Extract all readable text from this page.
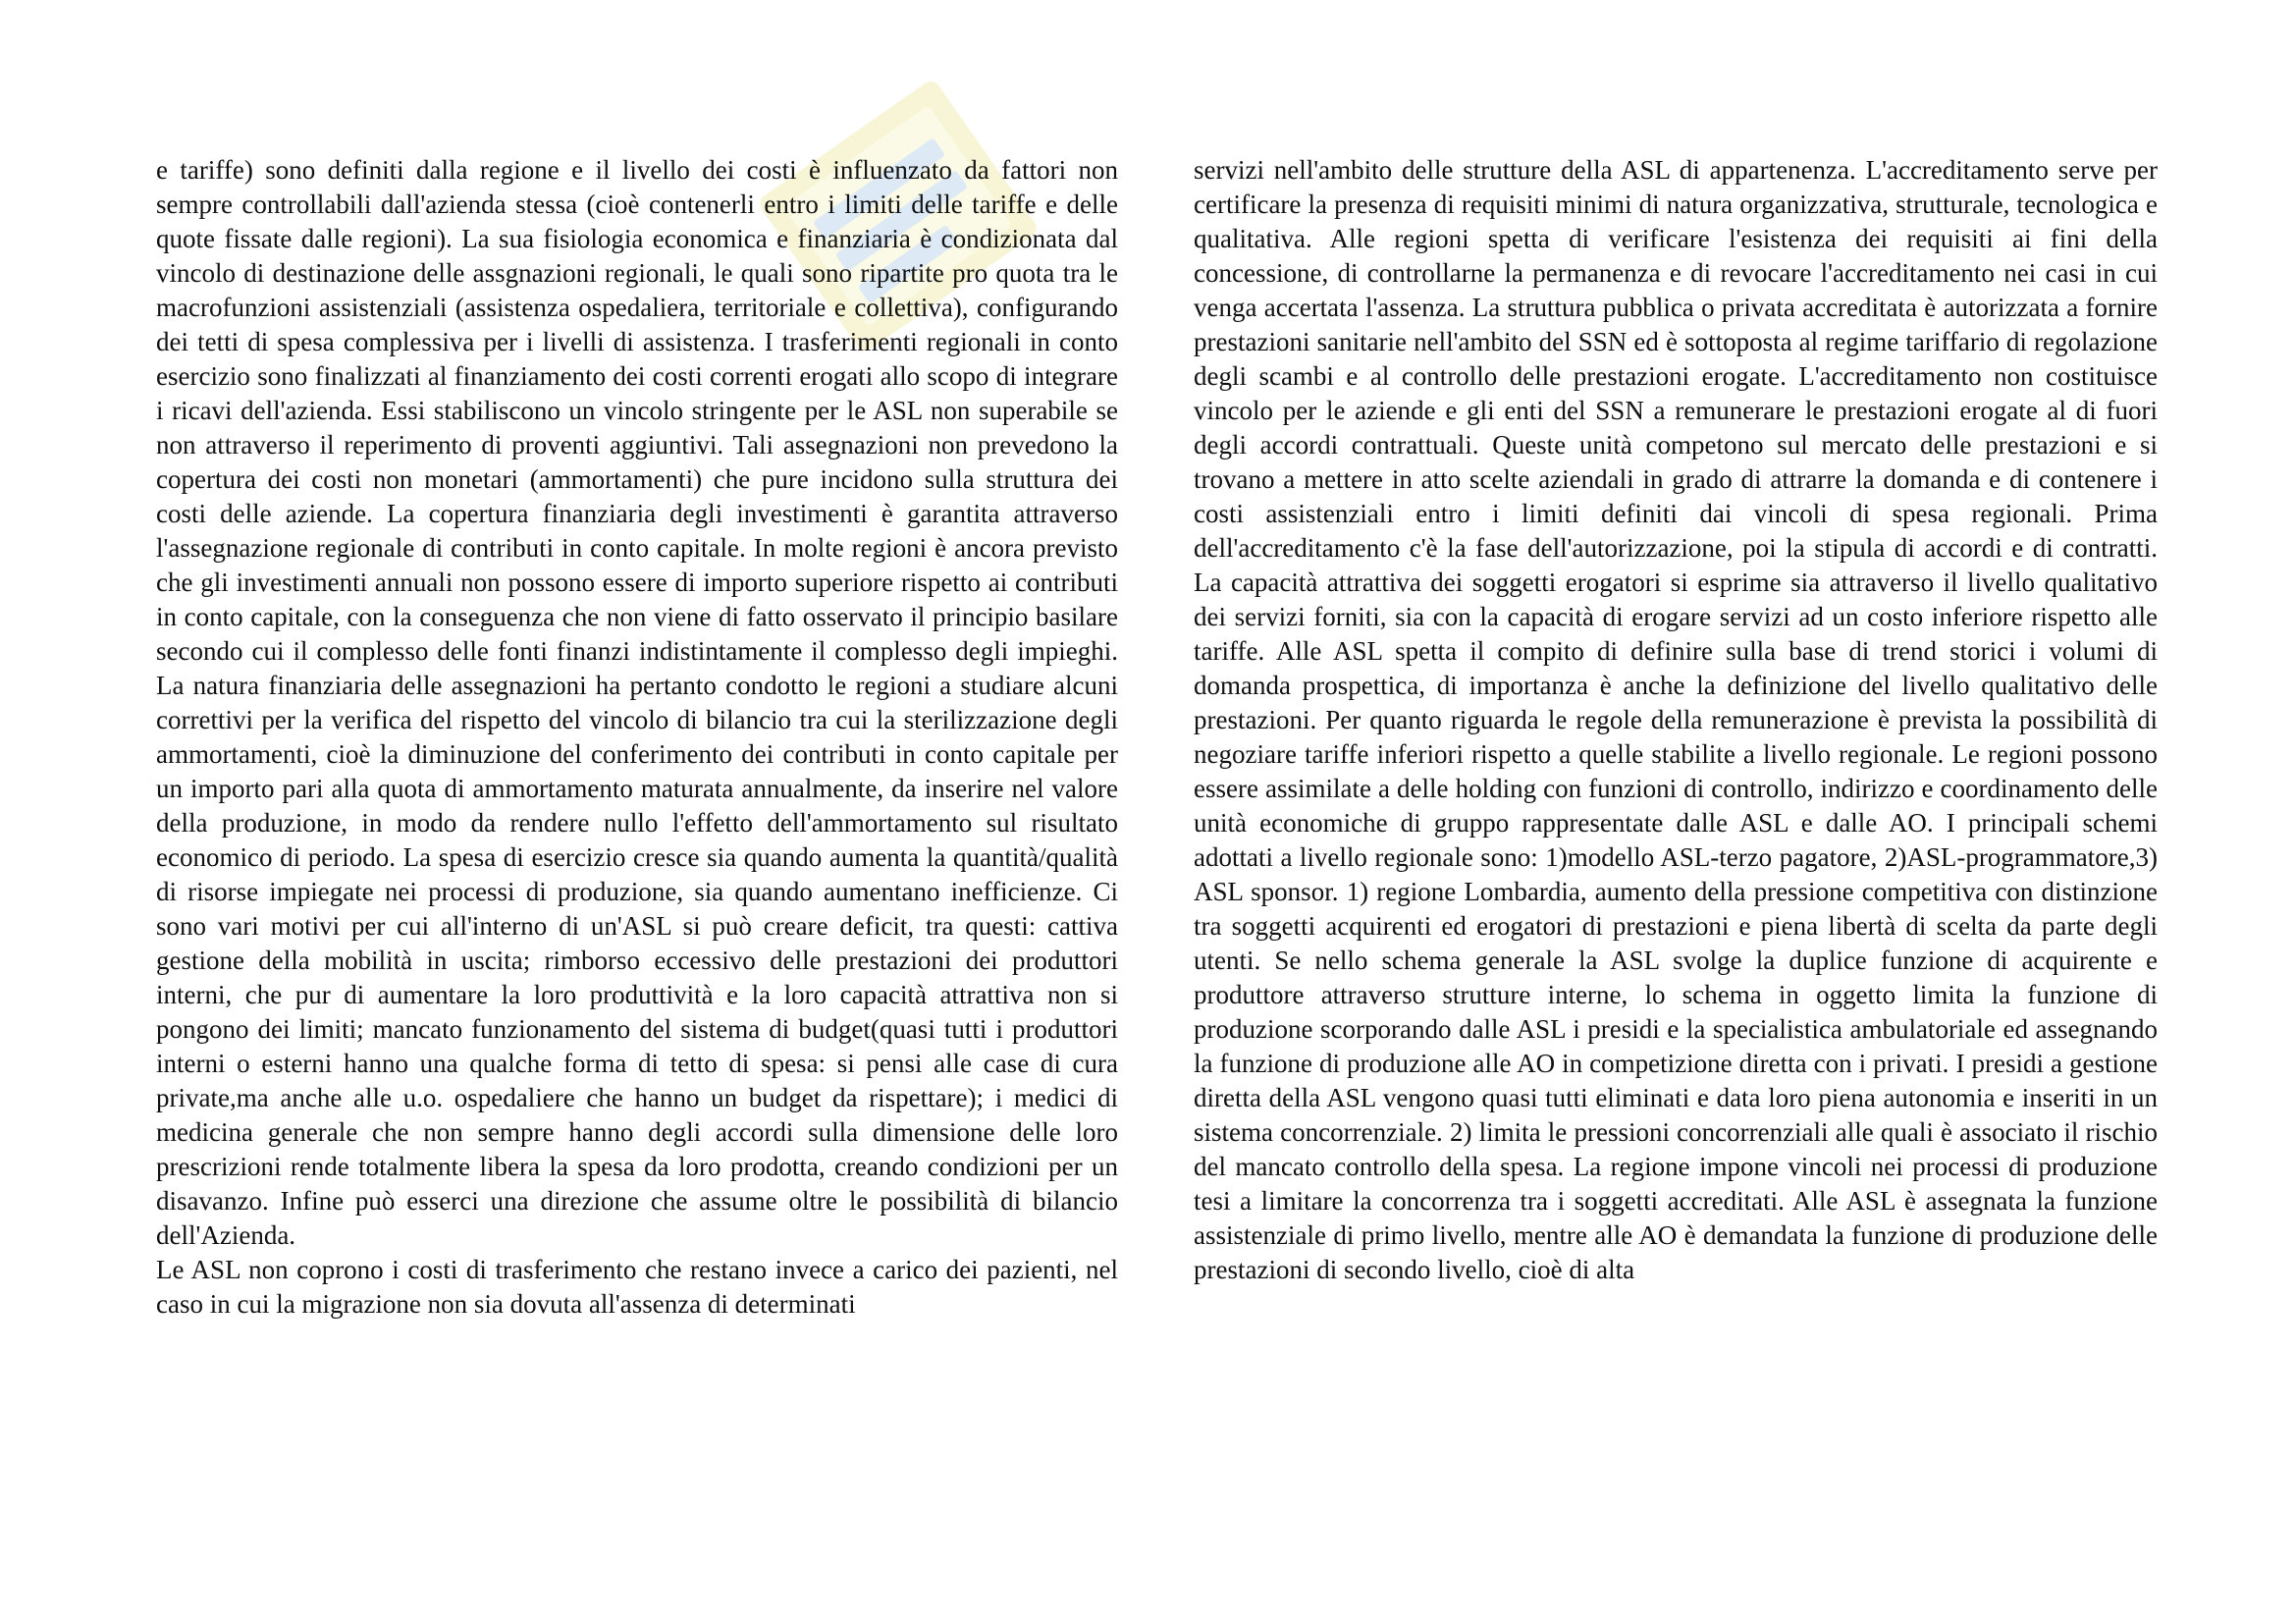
e tariffe) sono definiti dalla regione e il livello dei costi è influenzato da fattori non sempre controllabili dall'azienda stessa (cioè contenerli entro i limiti delle tariffe e delle quote fissate dalle regioni). La sua fisiologia economica e finanziaria è condizionata dal vincolo di destinazione delle assgnazioni regionali, le quali sono ripartite pro quota tra le macrofunzioni assistenziali (assistenza ospedaliera, territoriale e collettiva), configurando dei tetti di spesa complessiva per i livelli di assistenza. I trasferimenti regionali in conto esercizio sono finalizzati al finanziamento dei costi correnti erogati allo scopo di integrare i ricavi dell'azienda. Essi stabiliscono un vincolo stringente per le ASL non superabile se non attraverso il reperimento di proventi aggiuntivi. Tali assegnazioni non prevedono la copertura dei costi non monetari (ammortamenti) che pure incidono sulla struttura dei costi delle aziende. La copertura finanziaria degli investimenti è garantita attraverso l'assegnazione regionale di contributi in conto capitale. In molte regioni è ancora previsto che gli investimenti annuali non possono essere di importo superiore rispetto ai contributi in conto capitale, con la conseguenza che non viene di fatto osservato il principio basilare secondo cui il complesso delle fonti finanzi indistintamente il complesso degli impieghi. La natura finanziaria delle assegnazioni ha pertanto condotto le regioni a studiare alcuni correttivi per la verifica del rispetto del vincolo di bilancio tra cui la sterilizzazione degli ammortamenti, cioè la diminuzione del conferimento dei contributi in conto capitale per un importo pari alla quota di ammortamento maturata annualmente, da inserire nel valore della produzione, in modo da rendere nullo l'effetto dell'ammortamento sul risultato economico di periodo. La spesa di esercizio cresce sia quando aumenta la quantità/qualità di risorse impiegate nei processi di produzione, sia quando aumentano inefficienze. Ci sono vari motivi per cui all'interno di un'ASL si può creare deficit, tra questi: cattiva gestione della mobilità in uscita; rimborso eccessivo delle prestazioni dei produttori interni, che pur di aumentare la loro produttività e la loro capacità attrattiva non si pongono dei limiti; mancato funzionamento del sistema di budget(quasi tutti i produttori interni o esterni hanno una qualche forma di tetto di spesa: si pensi alle case di cura private,ma anche alle u.o. ospedaliere che hanno un budget da rispettare); i medici di medicina generale che non sempre hanno degli accordi sulla dimensione delle loro prescrizioni rende totalmente libera la spesa da loro prodotta, creando condizioni per un disavanzo. Infine può esserci una direzione che assume oltre le possibilità di bilancio dell'Azienda.

Le ASL non coprono i costi di trasferimento che restano invece a carico dei pazienti, nel caso in cui la migrazione non sia dovuta all'assenza di determinati

servizi nell'ambito delle strutture della ASL di appartenenza. L'accreditamento serve per certificare la presenza di requisiti minimi di natura organizzativa, strutturale, tecnologica e qualitativa. Alle regioni spetta di verificare l'esistenza dei requisiti ai fini della concessione, di controllarne la permanenza e di revocare l'accreditamento nei casi in cui venga accertata l'assenza. La struttura pubblica o privata accreditata è autorizzata a fornire prestazioni sanitarie nell'ambito del SSN ed è sottoposta al regime tariffario di regolazione degli scambi e al controllo delle prestazioni erogate. L'accreditamento non costituisce vincolo per le aziende e gli enti del SSN a remunerare le prestazioni erogate al di fuori degli accordi contrattuali. Queste unità competono sul mercato delle prestazioni e si trovano a mettere in atto scelte aziendali in grado di attrarre la domanda e di contenere i costi assistenziali entro i limiti definiti dai vincoli di spesa regionali. Prima dell'accreditamento c'è la fase dell'autorizzazione, poi la stipula di accordi e di contratti. La capacità attrattiva dei soggetti erogatori si esprime sia attraverso il livello qualitativo dei servizi forniti, sia con la capacità di erogare servizi ad un costo inferiore rispetto alle tariffe. Alle ASL spetta il compito di definire sulla base di trend storici i volumi di domanda prospettica, di importanza è anche la definizione del livello qualitativo delle prestazioni. Per quanto riguarda le regole della remunerazione è prevista la possibilità di negoziare tariffe inferiori rispetto a quelle stabilite a livello regionale. Le regioni possono essere assimilate a delle holding con funzioni di controllo, indirizzo e coordinamento delle unità economiche di gruppo rappresentate dalle ASL e dalle AO. I principali schemi adottati a livello regionale sono: 1)modello ASL-terzo pagatore, 2)ASL-programmatore,3) ASL sponsor. 1) regione Lombardia, aumento della pressione competitiva con distinzione tra soggetti acquirenti ed erogatori di prestazioni e piena libertà di scelta da parte degli utenti. Se nello schema generale la ASL svolge la duplice funzione di acquirente e produttore attraverso strutture interne, lo schema in oggetto limita la funzione di produzione scorporando dalle ASL i presidi e la specialistica ambulatoriale ed assegnando la funzione di produzione alle AO in competizione diretta con i privati. I presidi a gestione diretta della ASL vengono quasi tutti eliminati e data loro piena autonomia e inseriti in un sistema concorrenziale. 2) limita le pressioni concorrenziali alle quali è associato il rischio del mancato controllo della spesa. La regione impone vincoli nei processi di produzione tesi a limitare la concorrenza tra i soggetti accreditati. Alle ASL è assegnata la funzione assistenziale di primo livello, mentre alle AO è demandata la funzione di produzione delle prestazioni di secondo livello, cioè di alta
